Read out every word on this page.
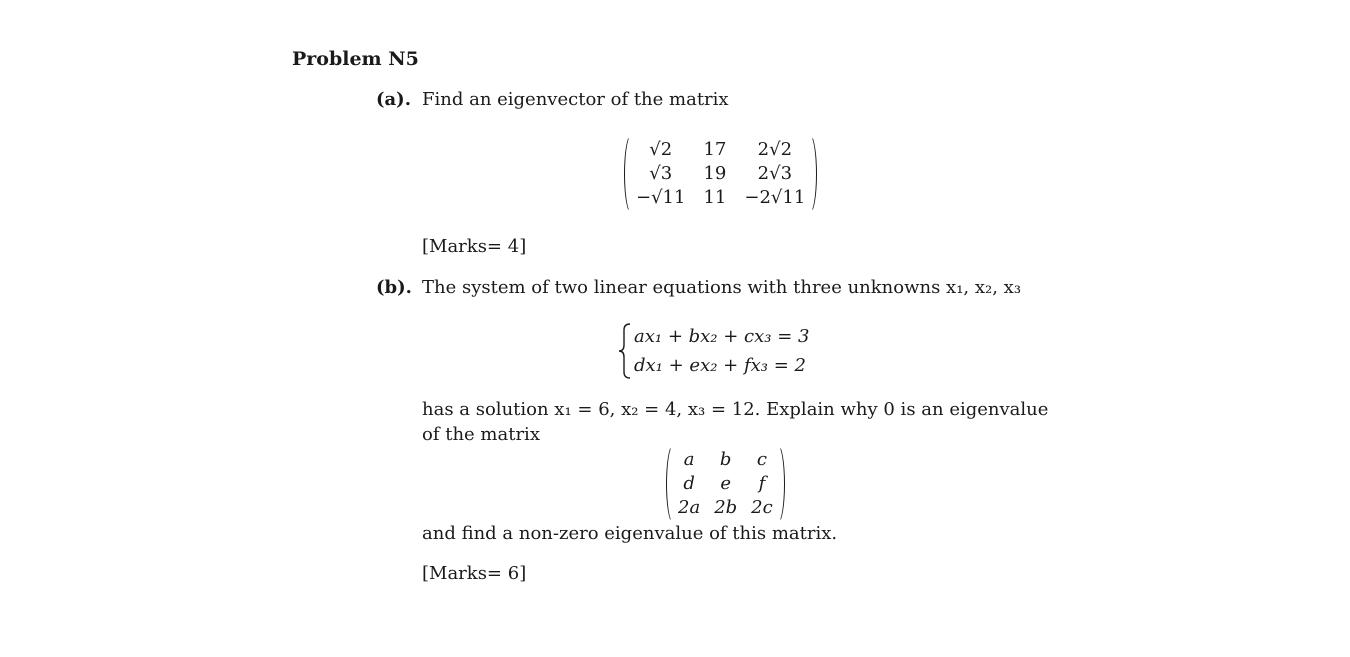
Problem N5
(a). Find an eigenvector of the matrix
√2	17	2√2
√3	19	2√3
−√11 11 −2√11
[Marks= 4]
(b). The system of two linear equations with three unknowns x₁, x₂, x₃
ax₁ + bx₂ + cx₃ = 3
dx₁ + ex₂ + fx₃ = 2
has a solution x₁ = 6, x₂ = 4, x₃ = 12. Explain why 0 is an eigenvalue
of the matrix
a	b	c
d	e	f
2a 2b 2c
and find a non-zero eigenvalue of this matrix.
[Marks= 6]
